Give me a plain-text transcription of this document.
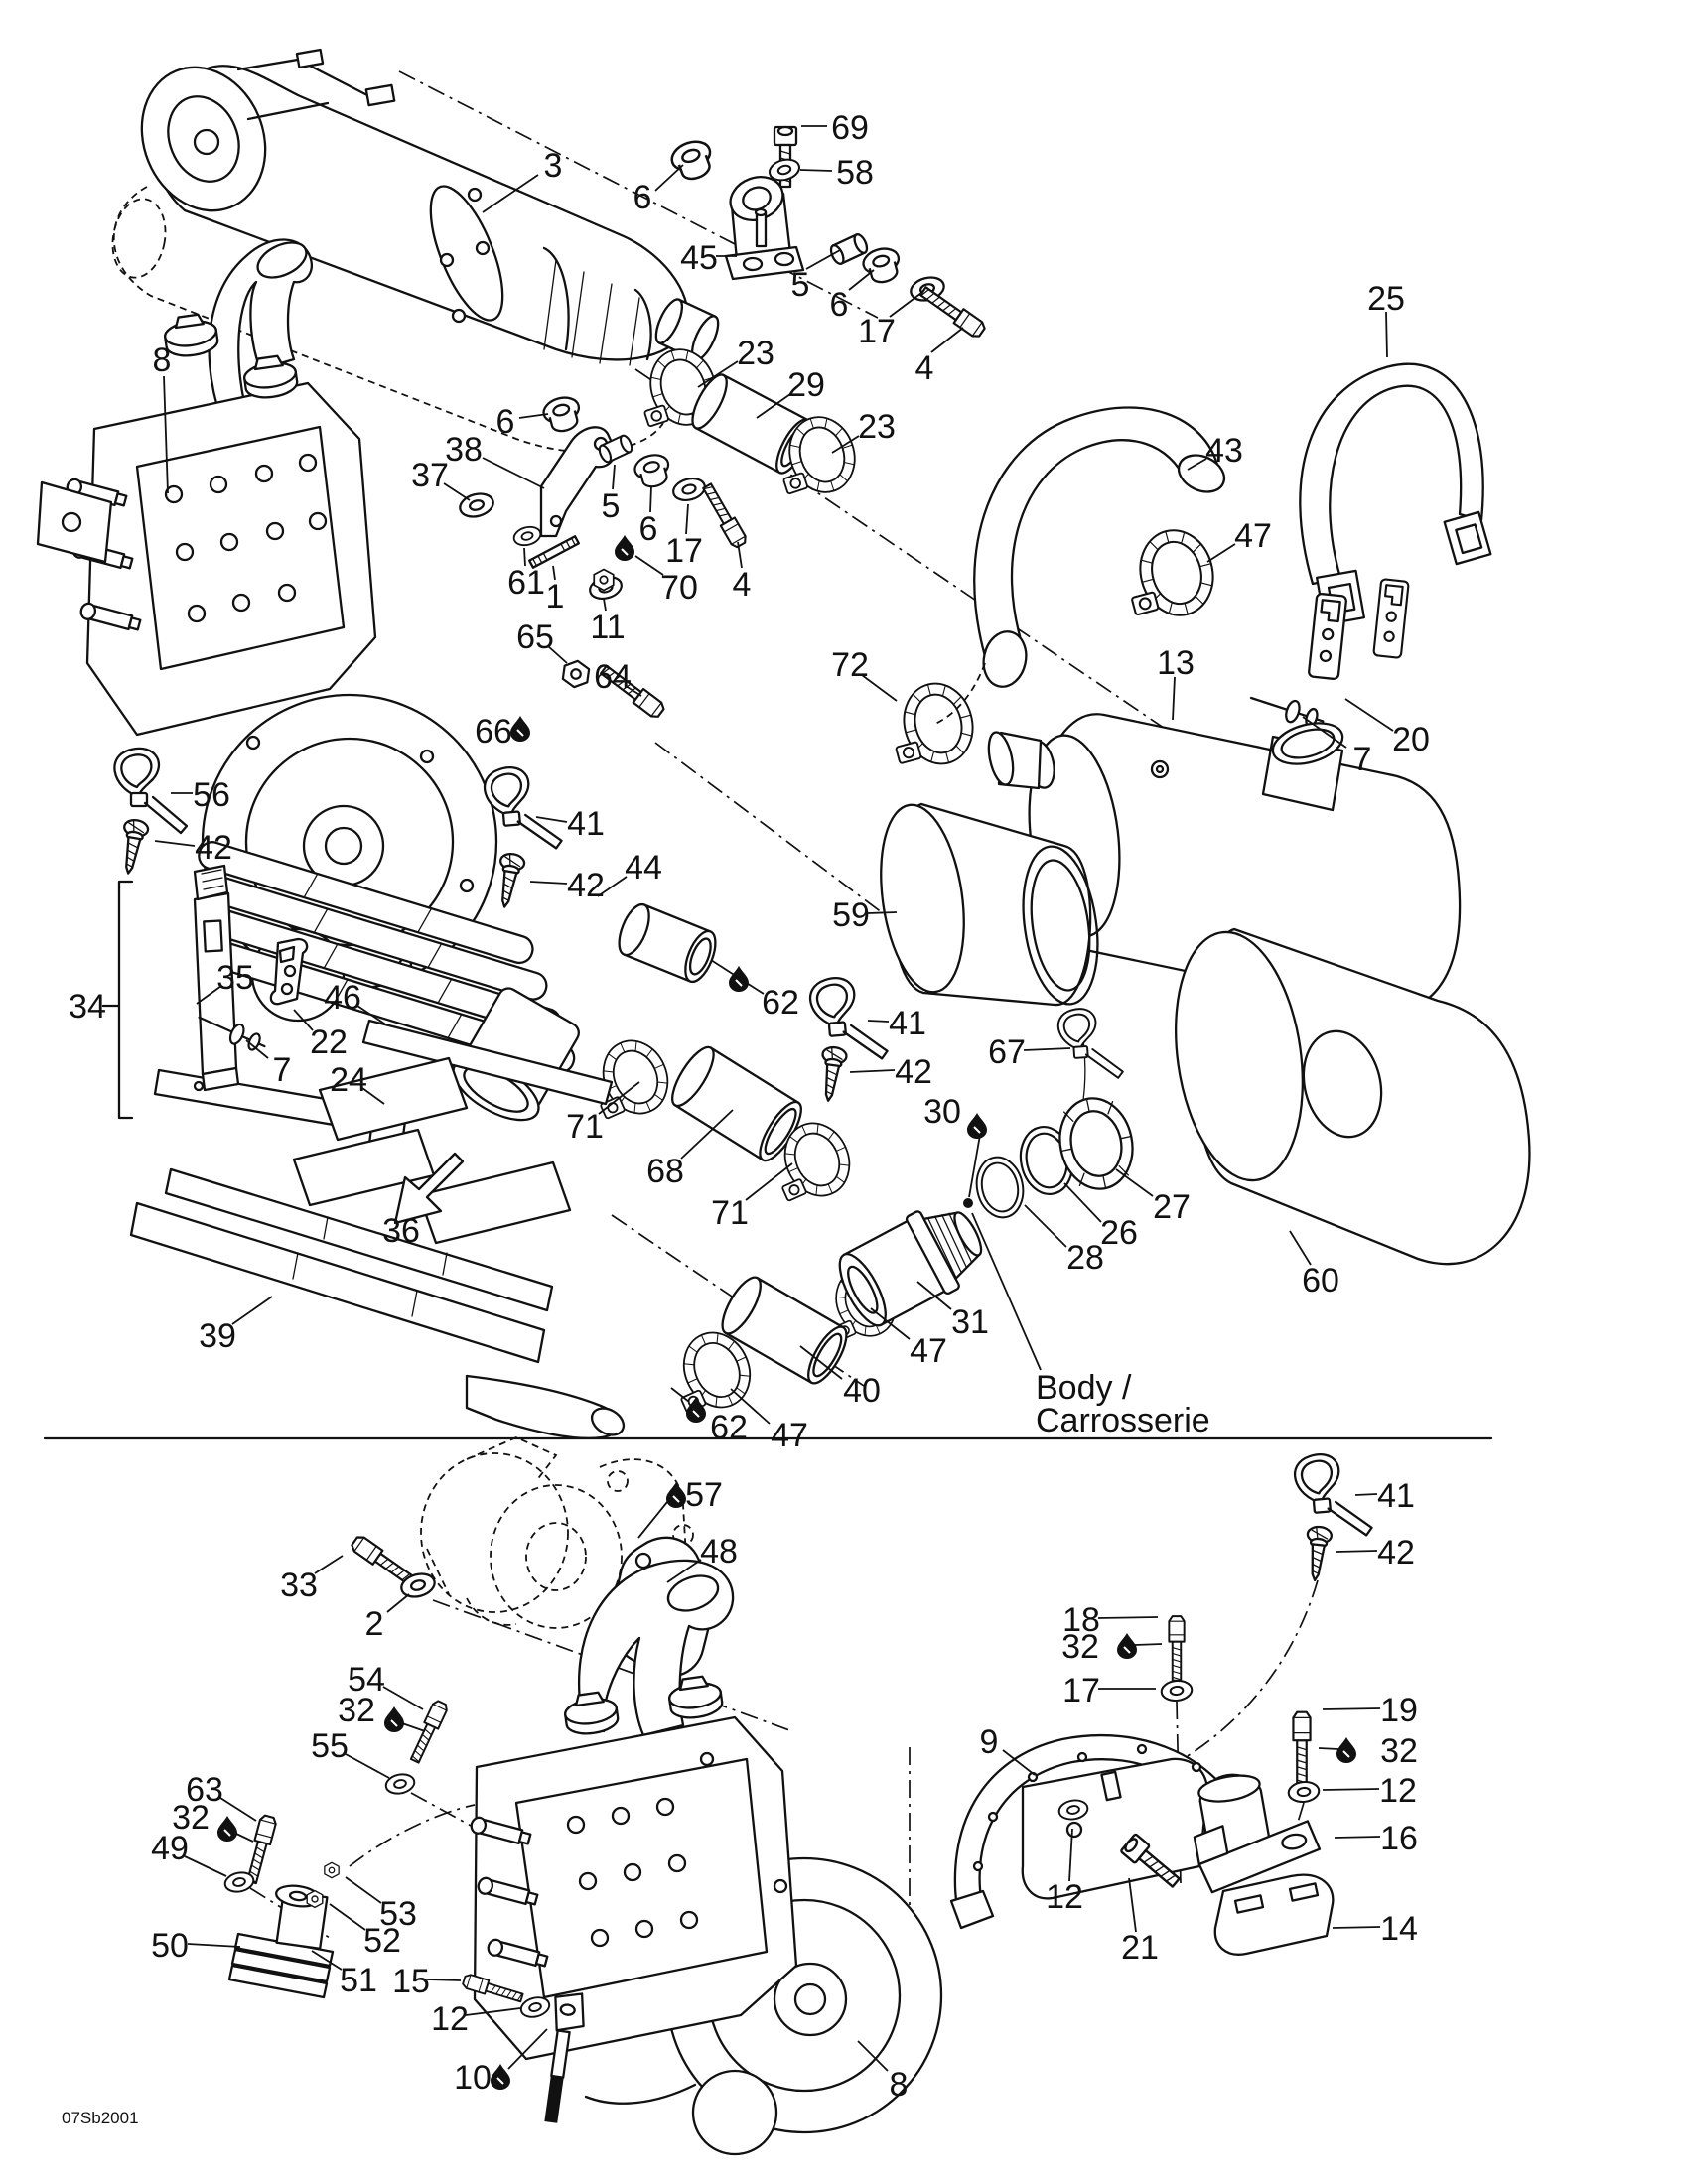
3
69
58
6
45
5
6
17
4
8	23
29
23
38
37
6
5
6
17
4
61 1	70
11
65
64
66
72	13
43
25
47
20
7
59
62
44
41
42
56
42
34
35
7
22
46
24
36
39
71
68
71
62
42
41
30
26
28
27
31
47
40
47
67
60
Body /
Carrosserie
57
48
33
2
54
32
55
63
32
49
50
51
52
53
15
12
10	8
9
18
32
17
41
42
19
32
12
16
14
12
21
07Sb2001
